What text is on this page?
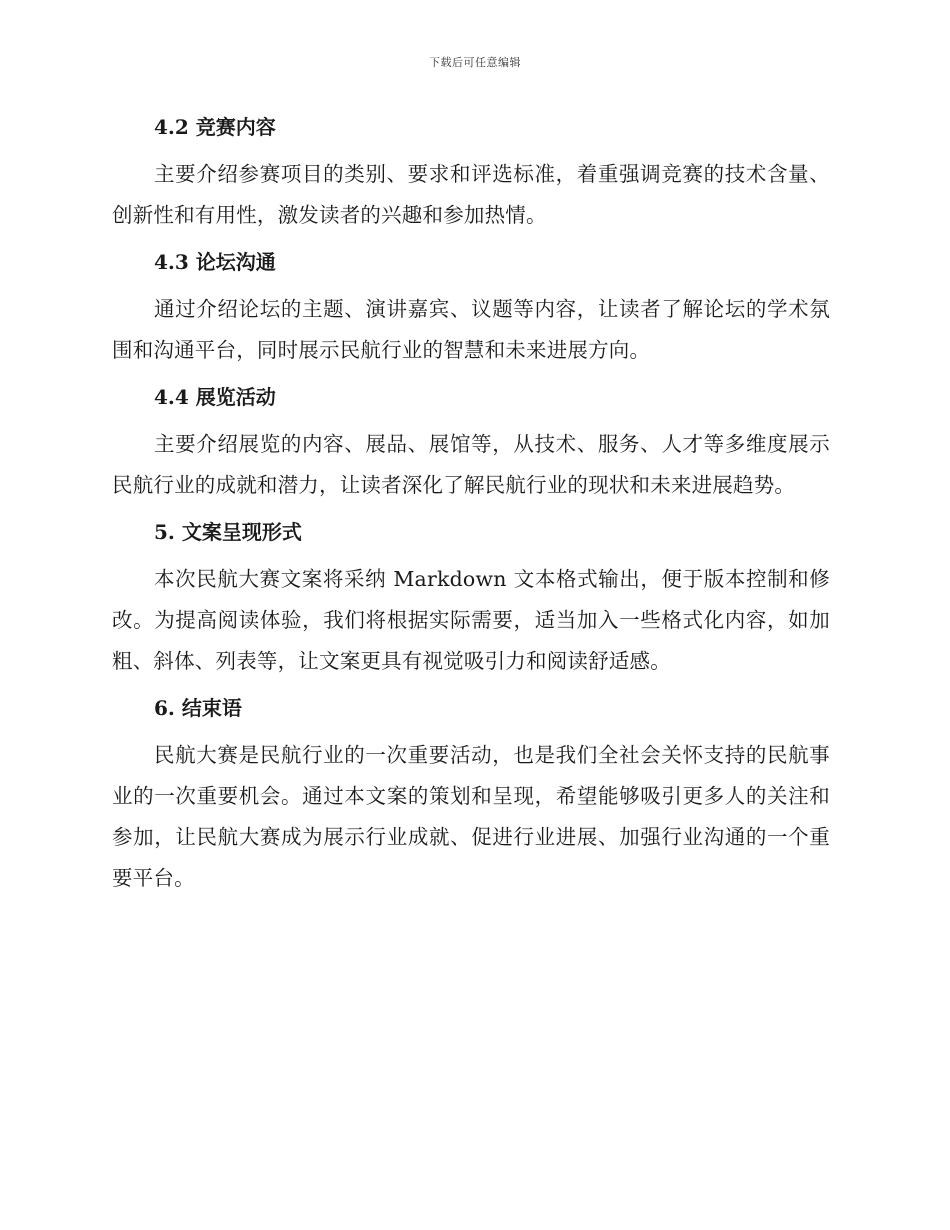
下载后可任意编辑
4.2 竞赛内容

主要介绍参赛项目的类别、要求和评选标准，着重强调竞赛的技术含量、创新性和有用性，激发读者的兴趣和参加热情。

4.3 论坛沟通

通过介绍论坛的主题、演讲嘉宾、议题等内容，让读者了解论坛的学术氛围和沟通平台，同时展示民航行业的智慧和未来进展方向。

4.4 展览活动

主要介绍展览的内容、展品、展馆等，从技术、服务、人才等多维度展示民航行业的成就和潜力，让读者深化了解民航行业的现状和未来进展趋势。

5. 文案呈现形式

本次民航大赛文案将采纳 Markdown 文本格式输出，便于版本控制和修改。为提高阅读体验，我们将根据实际需要，适当加入一些格式化内容，如加粗、斜体、列表等，让文案更具有视觉吸引力和阅读舒适感。

6. 结束语

民航大赛是民航行业的一次重要活动，也是我们全社会关怀支持的民航事业的一次重要机会。通过本文案的策划和呈现，希望能够吸引更多人的关注和参加，让民航大赛成为展示行业成就、促进行业进展、加强行业沟通的一个重要平台。
